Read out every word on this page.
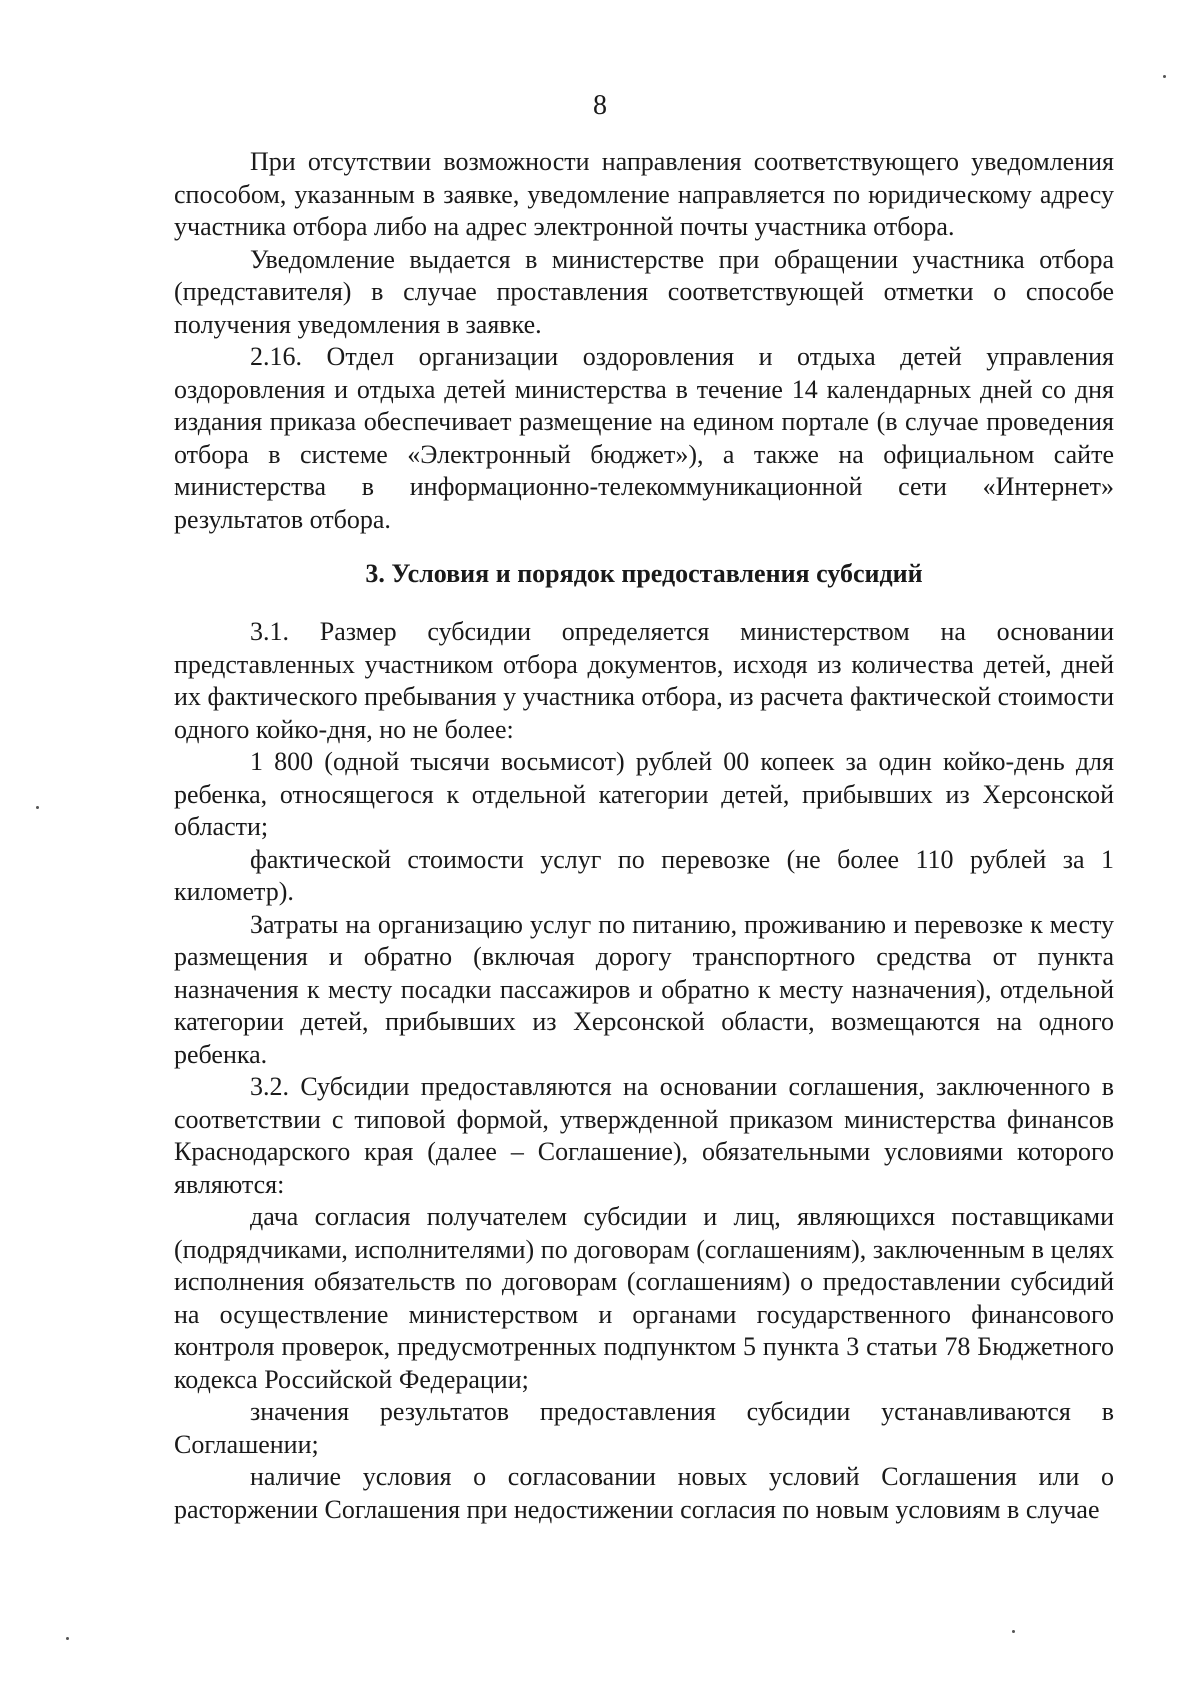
8

При отсутствии возможности направления соответствующего уведомления способом, указанным в заявке, уведомление направляется по юридическому адресу участника отбора либо на адрес электронной почты участника отбора.

Уведомление выдается в министерстве при обращении участника отбора (представителя) в случае проставления соответствующей отметки о способе получения уведомления в заявке.

2.16. Отдел организации оздоровления и отдыха детей управления оздоровления и отдыха детей министерства в течение 14 календарных дней со дня издания приказа обеспечивает размещение на едином портале (в случае проведения отбора в системе «Электронный бюджет»), а также на официальном сайте министерства в информационно-телекоммуникационной сети «Интернет» результатов отбора.

3. Условия и порядок предоставления субсидий

3.1. Размер субсидии определяется министерством на основании представленных участником отбора документов, исходя из количества детей, дней их фактического пребывания у участника отбора, из расчета фактической стоимости одного койко-дня, но не более:

1 800 (одной тысячи восьмисот) рублей 00 копеек за один койко-день для ребенка, относящегося к отдельной категории детей, прибывших из Херсонской области;

фактической стоимости услуг по перевозке (не более 110 рублей за 1 километр).

Затраты на организацию услуг по питанию, проживанию и перевозке к месту размещения и обратно (включая дорогу транспортного средства от пункта назначения к месту посадки пассажиров и обратно к месту назначения), отдельной категории детей, прибывших из Херсонской области, возмещаются на одного ребенка.

3.2. Субсидии предоставляются на основании соглашения, заключенного в соответствии с типовой формой, утвержденной приказом министерства финансов Краснодарского края (далее – Соглашение), обязательными условиями которого являются:

дача согласия получателем субсидии и лиц, являющихся поставщиками (подрядчиками, исполнителями) по договорам (соглашениям), заключенным в целях исполнения обязательств по договорам (соглашениям) о предоставлении субсидий на осуществление министерством и органами государственного финансового контроля проверок, предусмотренных подпунктом 5 пункта 3 статьи 78 Бюджетного кодекса Российской Федерации;

значения результатов предоставления субсидии устанавливаются в Соглашении;

наличие условия о согласовании новых условий Соглашения или о расторжении Соглашения при недостижении согласия по новым условиям в случае
